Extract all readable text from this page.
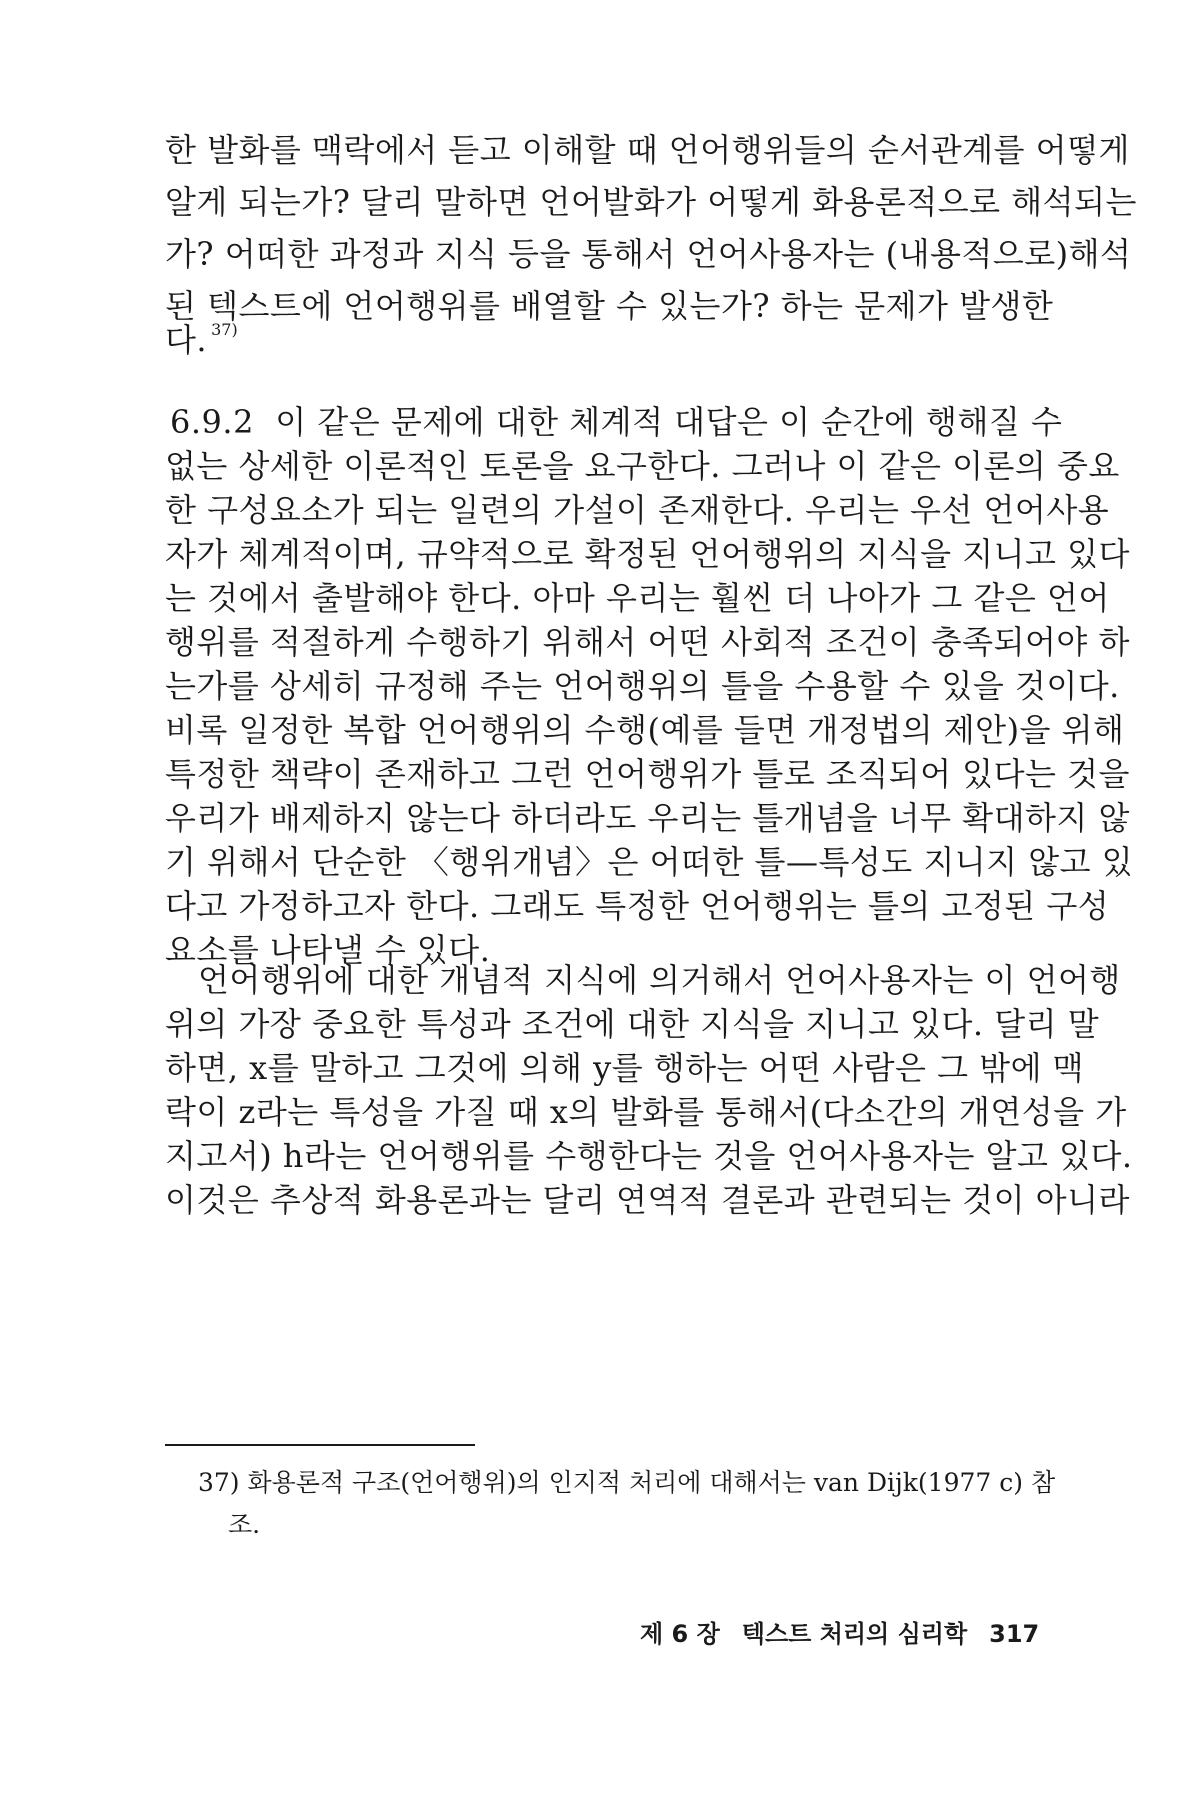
한 발화를 맥락에서 듣고 이해할 때 언어행위들의 순서관계를 어떻게
알게 되는가? 달리 말하면 언어발화가 어떻게 화용론적으로 해석되는
가? 어떠한 과정과 지식 등을 통해서 언어사용자는 (내용적으로)해석
된 텍스트에 언어행위를 배열할 수 있는가? 하는 문제가 발생한
다. $^{37)}$
6.9.2 이 같은 문제에 대한 체계적 대답은 이 순간에 행해질 수
없는 상세한 이론적인 토론을 요구한다. 그러나 이 같은 이론의 중요
한 구성요소가 되는 일련의 가설이 존재한다. 우리는 우선 언어사용
자가 체계적이며, 규약적으로 확정된 언어행위의 지식을 지니고 있다
는 것에서 출발해야 한다. 아마 우리는 훨씬 더 나아가 그 같은 언어
행위를 적절하게 수행하기 위해서 어떤 사회적 조건이 충족되어야 하
는가를 상세히 규정해 주는 언어행위의 틀을 수용할 수 있을 것이다.
비록 일정한 복합 언어행위의 수행(예를 들면 개정법의 제안)을 위해
특정한 책략이 존재하고 그런 언어행위가 틀로 조직되어 있다는 것을
우리가 배제하지 않는다 하더라도 우리는 틀개념을 너무 확대하지 않
기 위해서 단순한 〈행위개념〉은 어떠한 틀—특성도 지니지 않고 있
다고 가정하고자 한다. 그래도 특정한 언어행위는 틀의 고정된 구성
요소를 나타낼 수 있다.
언어행위에 대한 개념적 지식에 의거해서 언어사용자는 이 언어행
위의 가장 중요한 특성과 조건에 대한 지식을 지니고 있다. 달리 말
하면, x를 말하고 그것에 의해 y를 행하는 어떤 사람은 그 밖에 맥
락이 z라는 특성을 가질 때 x의 발화를 통해서(다소간의 개연성을 가
지고서) h라는 언어행위를 수행한다는 것을 언어사용자는 알고 있다.
이것은 추상적 화용론과는 달리 연역적 결론과 관련되는 것이 아니라
37) 화용론적 구조(언어행위)의 인지적 처리에 대해서는 van Dijk(1977 c) 참
조.
제 6 장 텍스트 처리의 심리학 317
